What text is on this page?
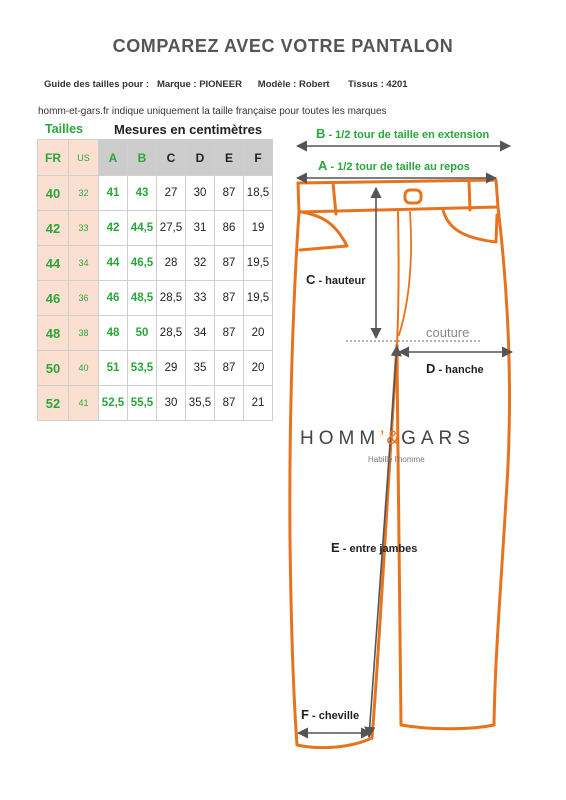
COMPAREZ AVEC VOTRE PANTALON
Guide des tailles pour :   Marque : PIONEER      Modèle : Robert       Tissus : 4201
homm-et-gars.fr indique uniquement la taille française pour toutes les marques
Tailles Mesures en centimètres
FR	US	A	B	C	D	E	F
40	32	41	43	27	30	87	18,5
42	33	42	44,5	27,5	31	86	19
44	34	44	46,5	28	32	87	19,5
46	36	46	48,5	28,5	33	87	19,5
48	38	48	50	28,5	34	87	20
50	40	51	53,5	29	35	87	20
52	41	52,5	55,5	30	35,5	87	21
B - 1/2 tour de taille en extension
A - 1/2 tour de taille au repos
C - hauteur
couture
D - hanche
E - entre jambes
F - cheville
HOMM’&GARS
Habille l'homme
